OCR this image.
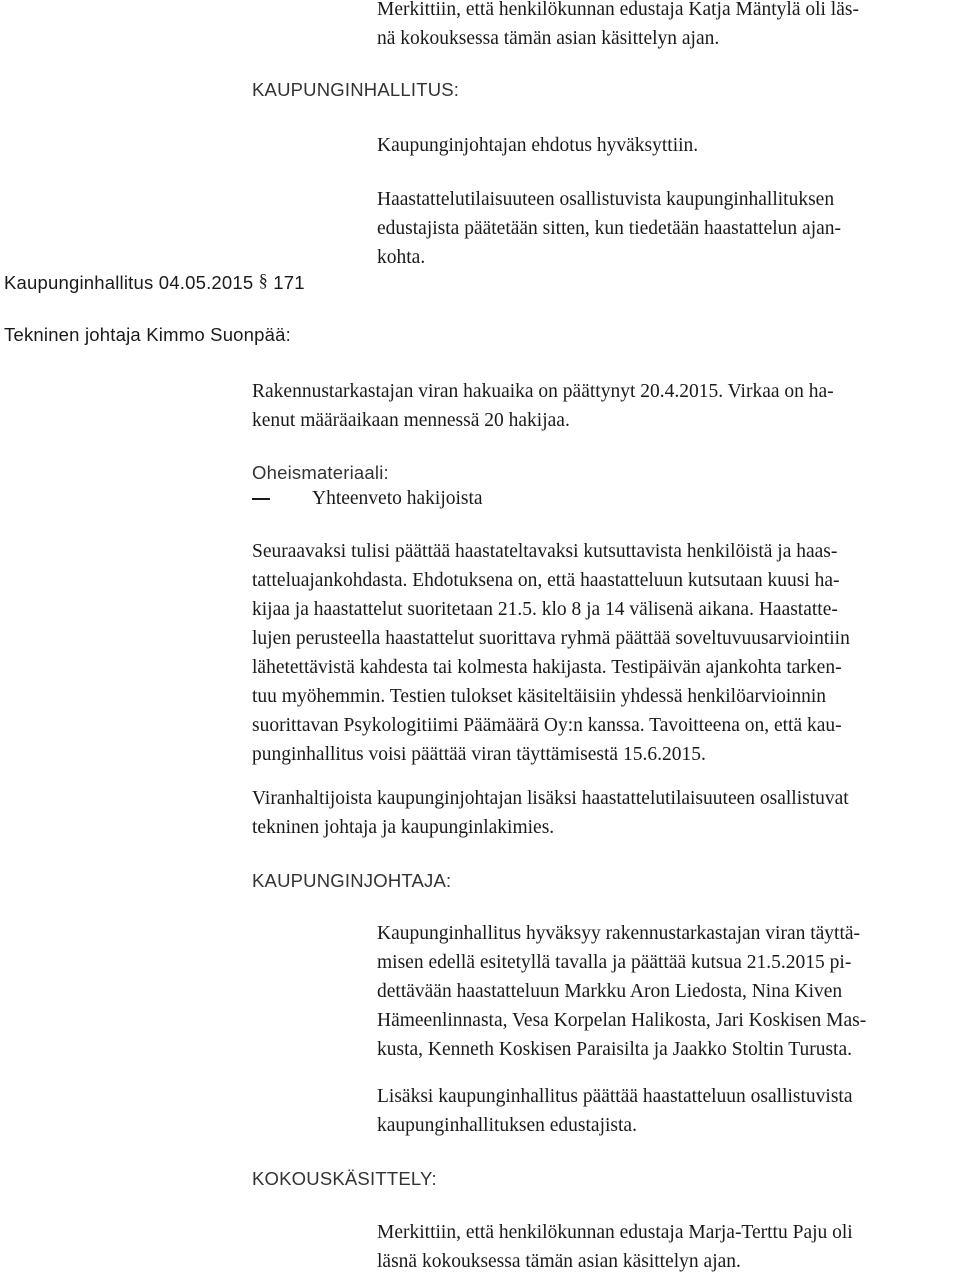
Merkittiin, että henkilökunnan edustaja Katja Mäntylä oli läs-
nä kokouksessa tämän asian käsittelyn ajan.
KAUPUNGINHALLITUS:
Kaupunginjohtajan ehdotus hyväksyttiin.
Haastattelutilaisuuteen osallistuvista kaupunginhallituksen
edustajista päätetään sitten, kun tiedetään haastattelun ajan-
kohta.
Kaupunginhallitus 04.05.2015 § 171
Tekninen johtaja Kimmo Suonpää:
Rakennustarkastajan viran hakuaika on päättynyt 20.4.2015. Virkaa on ha-
kenut määräaikaan mennessä 20 hakijaa.
Oheismateriaali:
Yhteenveto hakijoista
Seuraavaksi tulisi päättää haastateltavaksi kutsuttavista henkilöistä ja haas-
tatteluajankohdasta. Ehdotuksena on, että haastatteluun kutsutaan kuusi ha-
kijaa ja haastattelut suoritetaan 21.5. klo 8 ja 14 välisenä aikana. Haastatte-
lujen perusteella haastattelut suorittava ryhmä päättää soveltuvuusarviointiin
lähetettävistä kahdesta tai kolmesta hakijasta. Testipäivän ajankohta tarken-
tuu myöhemmin. Testien tulokset käsiteltäisiin yhdessä henkilöarvioinnin
suorittavan Psykologitiimi Päämäärä Oy:n kanssa. Tavoitteena on, että kau-
punginhallitus voisi päättää viran täyttämisestä 15.6.2015.
Viranhaltijoista kaupunginjohtajan lisäksi haastattelutilaisuuteen osallistuvat
tekninen johtaja ja kaupunginlakimies.
KAUPUNGINJOHTAJA:
Kaupunginhallitus hyväksyy rakennustarkastajan viran täyttä-
misen edellä esitetyllä tavalla ja päättää kutsua 21.5.2015 pi-
dettävään haastatteluun Markku Aron Liedosta, Nina Kiven
Hämeenlinnasta, Vesa Korpelan Halikosta, Jari Koskisen Mas-
kusta, Kenneth Koskisen Paraisilta ja Jaakko Stoltin Turusta.
Lisäksi kaupunginhallitus päättää haastatteluun osallistuvista
kaupunginhallituksen edustajista.
KOKOUSKÄSITTELY:
Merkittiin, että henkilökunnan edustaja Marja-Terttu Paju oli
läsnä kokouksessa tämän asian käsittelyn ajan.
